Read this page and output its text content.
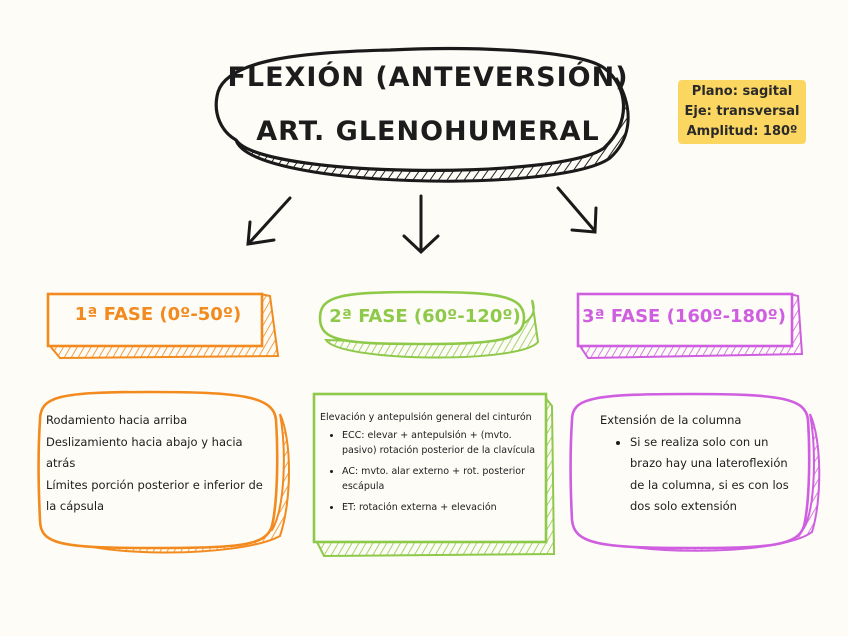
FLEXIÓN (ANTEVERSIÓN)
ART. GLENOHUMERAL
Plano: sagital
Eje: transversal
Amplitud: 180º
1ª FASE (0º-50º)	2ª FASE (60º-120º)	3ª FASE (160º-180º)
Rodamiento hacia arriba
Deslizamiento hacia abajo y hacia atrás
Límites porción posterior e inferior de la cápsula
Elevación y antepulsión general del cinturón
• ECC: elevar + antepulsión + (mvto. pasivo) rotación posterior de la clavícula
• AC: mvto. alar externo + rot. posterior escápula
• ET: rotación externa + elevación
Extensión de la columna
• Si se realiza solo con un brazo hay una lateroflexión de la columna, si es con los dos solo extensión
